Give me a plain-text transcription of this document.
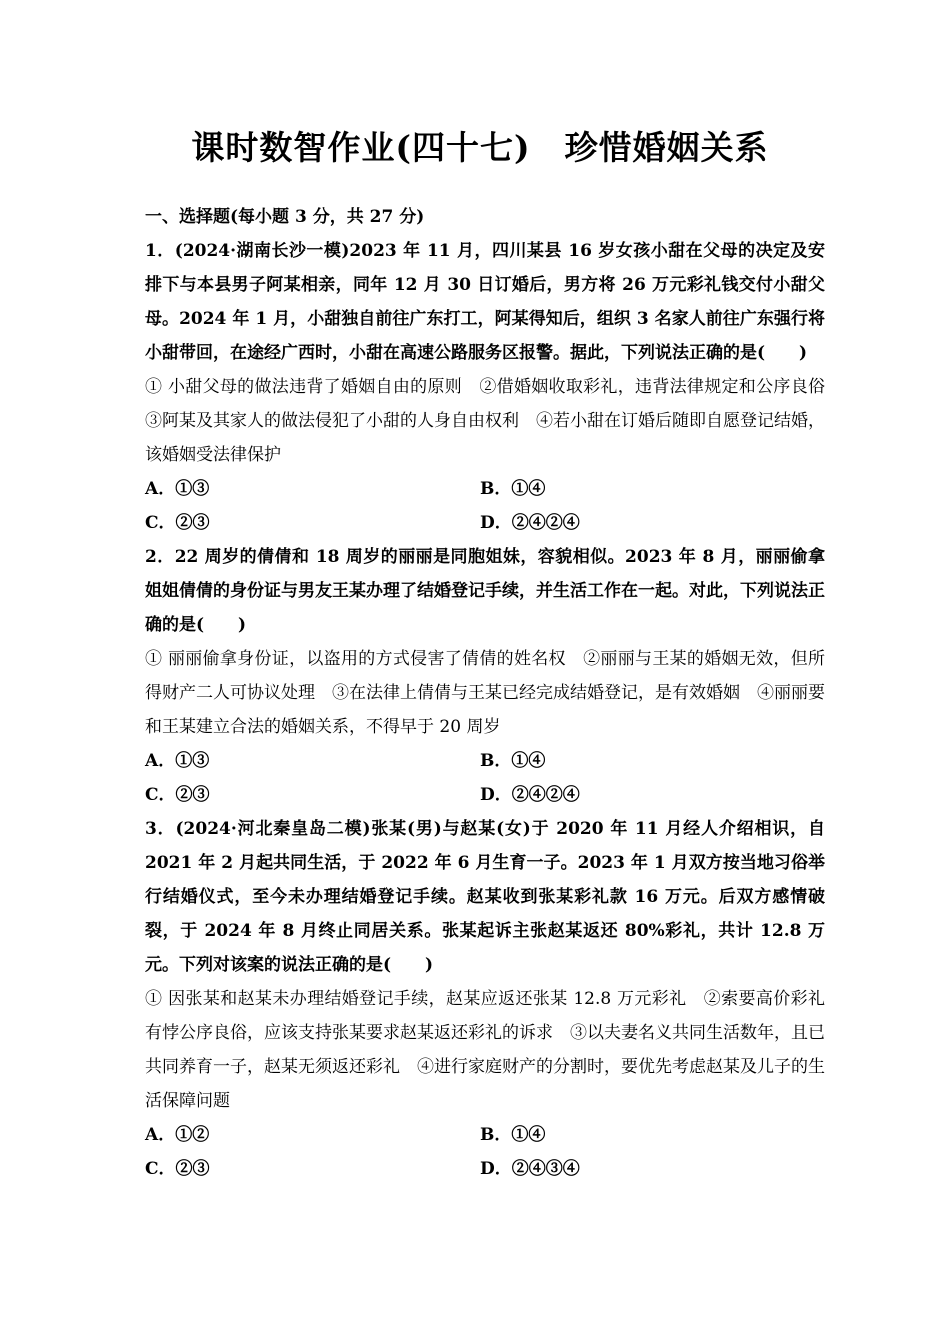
课时数智作业(四十七)　珍惜婚姻关系
一、选择题(每小题 3 分，共 27 分)
1．(2024·湖南长沙一模)2023 年 11 月，四川某县 16 岁女孩小甜在父母的决定及安排下与本县男子阿某相亲，同年 12 月 30 日订婚后，男方将 26 万元彩礼钱交付小甜父母。2024 年 1 月，小甜独自前往广东打工，阿某得知后，组织 3 名家人前往广东强行将小甜带回，在途经广西时，小甜在高速公路服务区报警。据此，下列说法正确的是(　　)
① 小甜父母的做法违背了婚姻自由的原则　②借婚姻收取彩礼，违背法律规定和公序良俗　③阿某及其家人的做法侵犯了小甜的人身自由权利　④若小甜在订婚后随即自愿登记结婚，该婚姻受法律保护
A．①③	B．①④
C．②③	D．②④②④
2．22 周岁的倩倩和 18 周岁的丽丽是同胞姐妹，容貌相似。2023 年 8 月，丽丽偷拿姐姐倩倩的身份证与男友王某办理了结婚登记手续，并生活工作在一起。对此，下列说法正确的是(　　)
① 丽丽偷拿身份证，以盗用的方式侵害了倩倩的姓名权　②丽丽与王某的婚姻无效，但所得财产二人可协议处理　③在法律上倩倩与王某已经完成结婚登记，是有效婚姻　④丽丽要和王某建立合法的婚姻关系，不得早于 20 周岁
A．①③	B．①④
C．②③	D．②④②④
3．(2024·河北秦皇岛二模)张某(男)与赵某(女)于 2020 年 11 月经人介绍相识，自 2021 年 2 月起共同生活，于 2022 年 6 月生育一子。2023 年 1 月双方按当地习俗举行结婚仪式，至今未办理结婚登记手续。赵某收到张某彩礼款 16 万元。后双方感情破裂，于 2024 年 8 月终止同居关系。张某起诉主张赵某返还 80%彩礼，共计 12.8 万元。下列对该案的说法正确的是(　　)
① 因张某和赵某未办理结婚登记手续，赵某应返还张某 12.8 万元彩礼　②索要高价彩礼有悖公序良俗，应该支持张某要求赵某返还彩礼的诉求　③以夫妻名义共同生活数年，且已共同养育一子，赵某无须返还彩礼　④进行家庭财产的分割时，要优先考虑赵某及儿子的生活保障问题
A．①②	B．①④
C．②③	D．②④③④
